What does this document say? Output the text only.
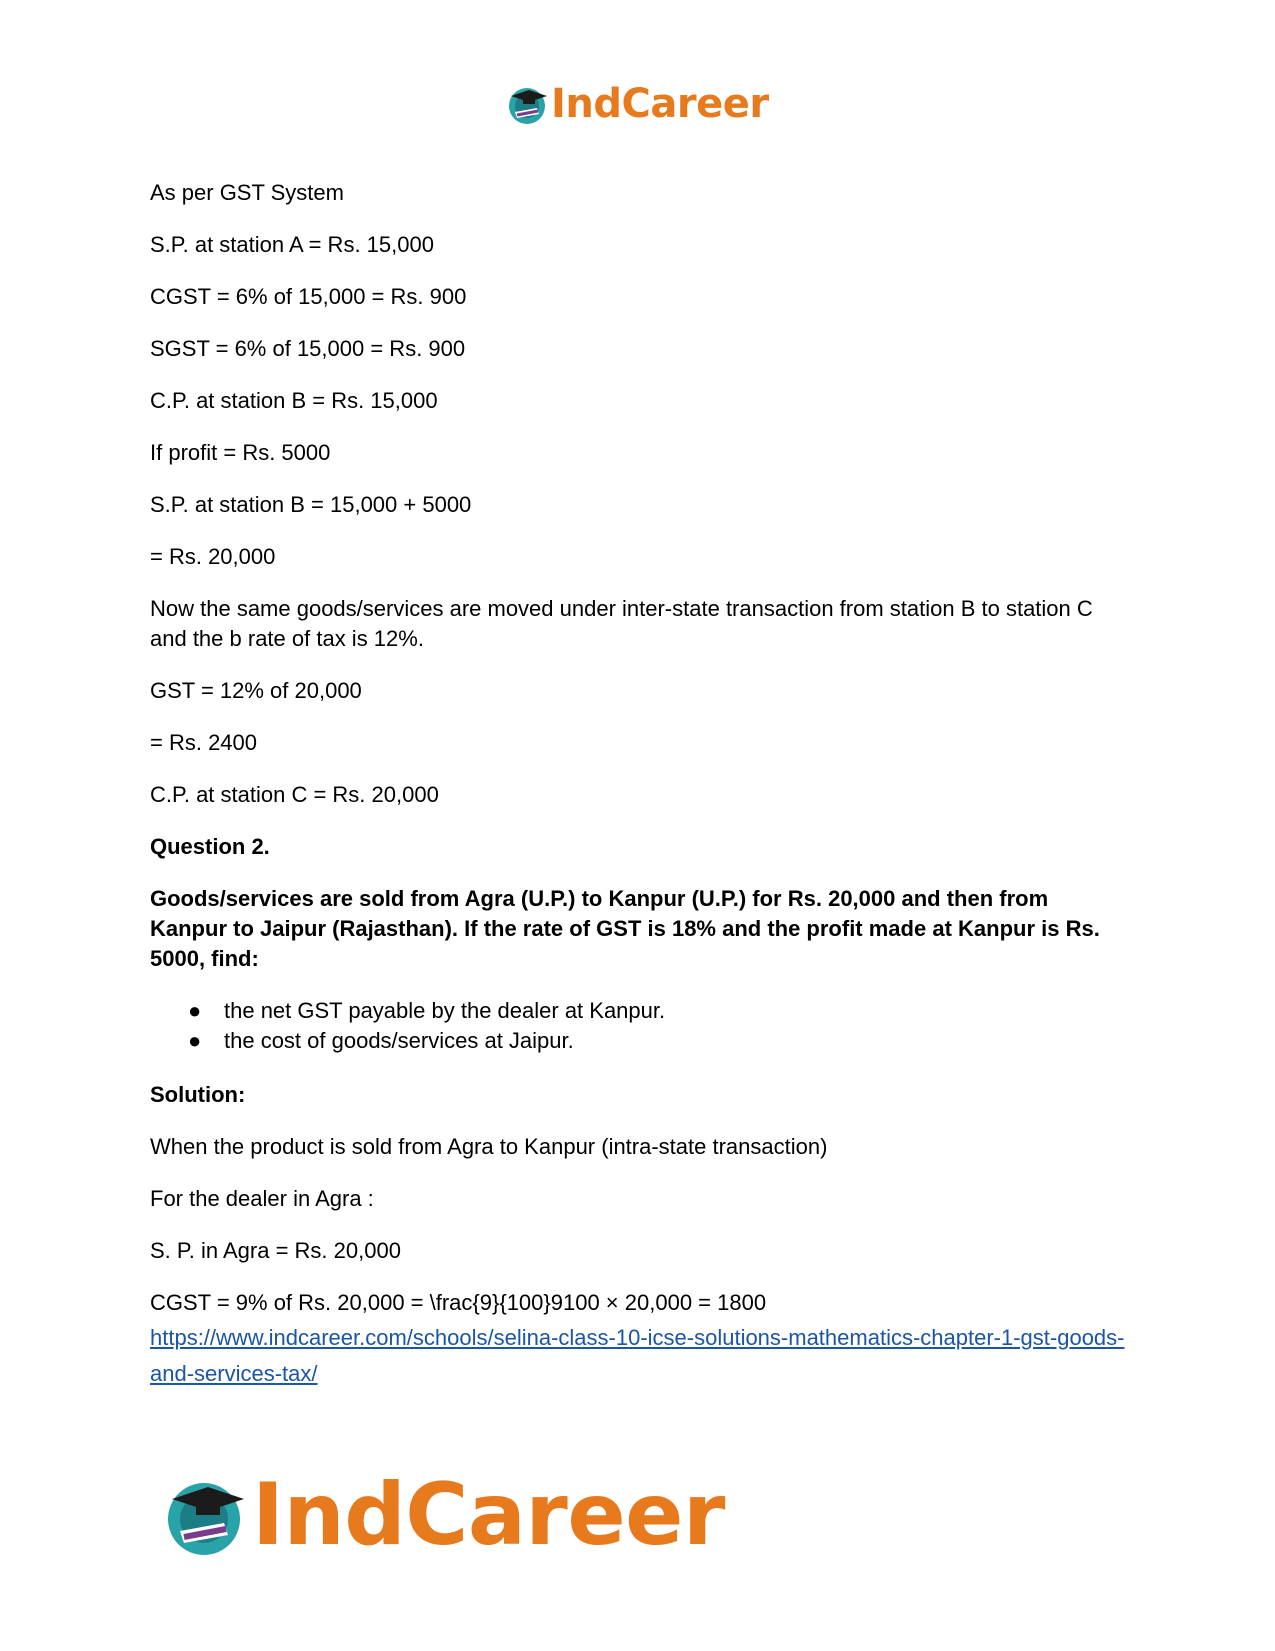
IndCareer

As per GST System

S.P. at station A = Rs. 15,000

CGST = 6% of 15,000 = Rs. 900

SGST = 6% of 15,000 = Rs. 900

C.P. at station B = Rs. 15,000

If profit = Rs. 5000

S.P. at station B = 15,000 + 5000

= Rs. 20,000

Now the same goods/services are moved under inter-state transaction from station B to station C and the b rate of tax is 12%.

GST = 12% of 20,000

= Rs. 2400

C.P. at station C = Rs. 20,000

Question 2.

Goods/services are sold from Agra (U.P.) to Kanpur (U.P.) for Rs. 20,000 and then from Kanpur to Jaipur (Rajasthan). If the rate of GST is 18% and the profit made at Kanpur is Rs. 5000, find:

● the net GST payable by the dealer at Kanpur.
● the cost of goods/services at Jaipur.

Solution:

When the product is sold from Agra to Kanpur (intra-state transaction)

For the dealer in Agra :

S. P. in Agra = Rs. 20,000

CGST = 9% of Rs. 20,000 = \frac{9}{100}9100 × 20,000 = 1800

https://www.indcareer.com/schools/selina-class-10-icse-solutions-mathematics-chapter-1-gst-goods-and-services-tax/

IndCareer
